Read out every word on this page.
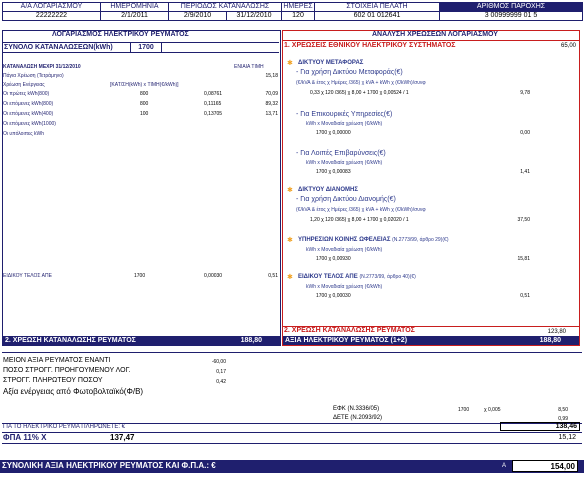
Α/Α ΛΟΓΑΡΙΑΣΜΟΥ	ΗΜΕΡΟΜΗΝΙΑ	ΠΕΡΙΟΔΟΣ ΚΑΤΑΝΑΛΩΣΗΣ		ΗΜΕΡΕΣ	ΣΤΟΙΧΕΙΑ ΠΕΛΑΤΗ	ΑΡΙΘΜΟΣ ΠΑΡΟΧΗΣ
22222222	2/1/2011	2/9/2010	31/12/2010	120	602 01 012641	3 00999999 01 5
ΛΟΓΑΡΙΑΣΜΟΣ ΗΛΕΚΤΡΙΚΟΥ ΡΕΥΜΑΤΟΣ
ΣΥΝΟΛΟ ΚΑΤΑΝΑΛΩΣΕΩΝ(kWh)	1700
ΚΑΤΑΝΑΛΩΣΗ ΜΕΧΡΙ 31/12/2010	ΕΝΙΑΙΑ ΤΙΜΗ
Πάγια Χρέωση (Τετράμηνο)	15,18
Χρέωση Ενέργειας	[ΚΑΤ/ΣΗ(kWh) x ΤΙΜΗ(€/kWh)]
Οι πρώτες kWh(800)	800	0,08761	70,09
Οι επόμενες kWh(800)	800	0,11165	89,32
Οι επόμενες kWh(400)	100	0,13705	13,71
Οι επόμενες kWh(1000)
Οι υπόλοιπες kWh
ΕΙΔΙΚΟΥ ΤΕΛΟΣ ΑΠΕ	1700	0,00030	0,51
2. ΧΡΕΩΣΗ ΚΑΤΑΝΑΛΩΣΗΣ ΡΕΥΜΑΤΟΣ	188,80
ΑΝΑΛΥΣΗ ΧΡΕΩΣΕΩΝ ΛΟΓΑΡΙΑΣΜΟΥ
1. ΧΡΕΩΣΕΙΣ ΕΘΝΙΚΟΥ ΗΛΕΚΤΡΙΚΟΥ ΣΥΣΤΗΜΑΤΟΣ	65,00
✱ ΔΙΚΤΥΟΥ ΜΕΤΑΦΟΡΑΣ
- Για χρήση Δικτύου Μεταφοράς(€)
(€/kVA & έτος χ Ημέρες /365) χ kVA + kWh χ (€/kWh)/συνφ
0,33 χ 120 /365) χ 8,00 + 1700 χ 0,00524 / 1	9,78
- Για Επικουρικές Υπηρεσίες(€)
kWh x Μοναδιαία χρέωση (€/kWh)
1700 χ 0,00000	0,00
- Για Λοιπές Επιβαρύνσεις(€)
kWh x Μοναδιαία χρέωση (€/kWh)
1700 χ 0,00083	1,41
✱ ΔΙΚΤΥΟΥ ΔΙΑΝΟΜΗΣ
- Για χρήση Δικτύου Διανομής(€)
(€/kVA & έτος χ Ημέρες /365) χ kVA + kWh χ (€/kWh)/συνφ
1,20 χ 120 /365) χ 8,00 + 1700 χ 0,02020 / 1	37,50
✱ ΥΠΗΡΕΣΙΩΝ ΚΟΙΝΗΣ ΩΦΕΛΕΙΑΣ (Ν.2773/99, άρθρο 29)(€)
kWh x Μοναδιαία χρέωση (€/kWh)
1700 χ 0,00930	15,81
✱ ΕΙΔΙΚΟΥ ΤΕΛΟΣ ΑΠΕ (Ν.2773/99, άρθρο 40)(€)
kWh x Μοναδιαία χρέωση (€/kWh)
1700 χ 0,00030	0,51
2. ΧΡΕΩΣΗ ΚΑΤΑΝΑΛΩΣΗΣ ΡΕΥΜΑΤΟΣ	123,80
ΑΞΙΑ ΗΛΕΚΤΡΙΚΟΥ ΡΕΥΜΑΤΟΣ (1+2)	188,80
ΜΕΙΟΝ ΑΞΙΑ ΡΕΥΜΑΤΟΣ ΕΝΑΝΤΙ	-60,00
ΠΟΣΟ ΣΤΡΟΓΓ. ΠΡΟΗΓΟΥΜΕΝΟΥ ΛΟΓ.	0,17
ΣΤΡΟΓΓ. ΠΛΗΡΩΤΕΟΥ ΠΟΣΟΥ	0,42
Αξία ενέργειας από Φωτοβολταϊκό(Φ/Β)
ΕΦΚ (Ν.3336/05)	1700	χ 0,005	8,50
ΔΕΤΕ (Ν.2093/92)	0,99
ΓΙΑ ΤΟ ΗΛΕΚΤΡΙΚΟ ΡΕΥΜΑ ΠΛΗΡΩΝΕΤΕ: €	138,46
ΦΠΑ 11% Χ	137,47	15,12
ΣΥΝΟΛΙΚΗ ΑΞΙΑ ΗΛΕΚΤΡΙΚΟΥ ΡΕΥΜΑΤΟΣ ΚΑΙ Φ.Π.Α.: €	A	154,00
